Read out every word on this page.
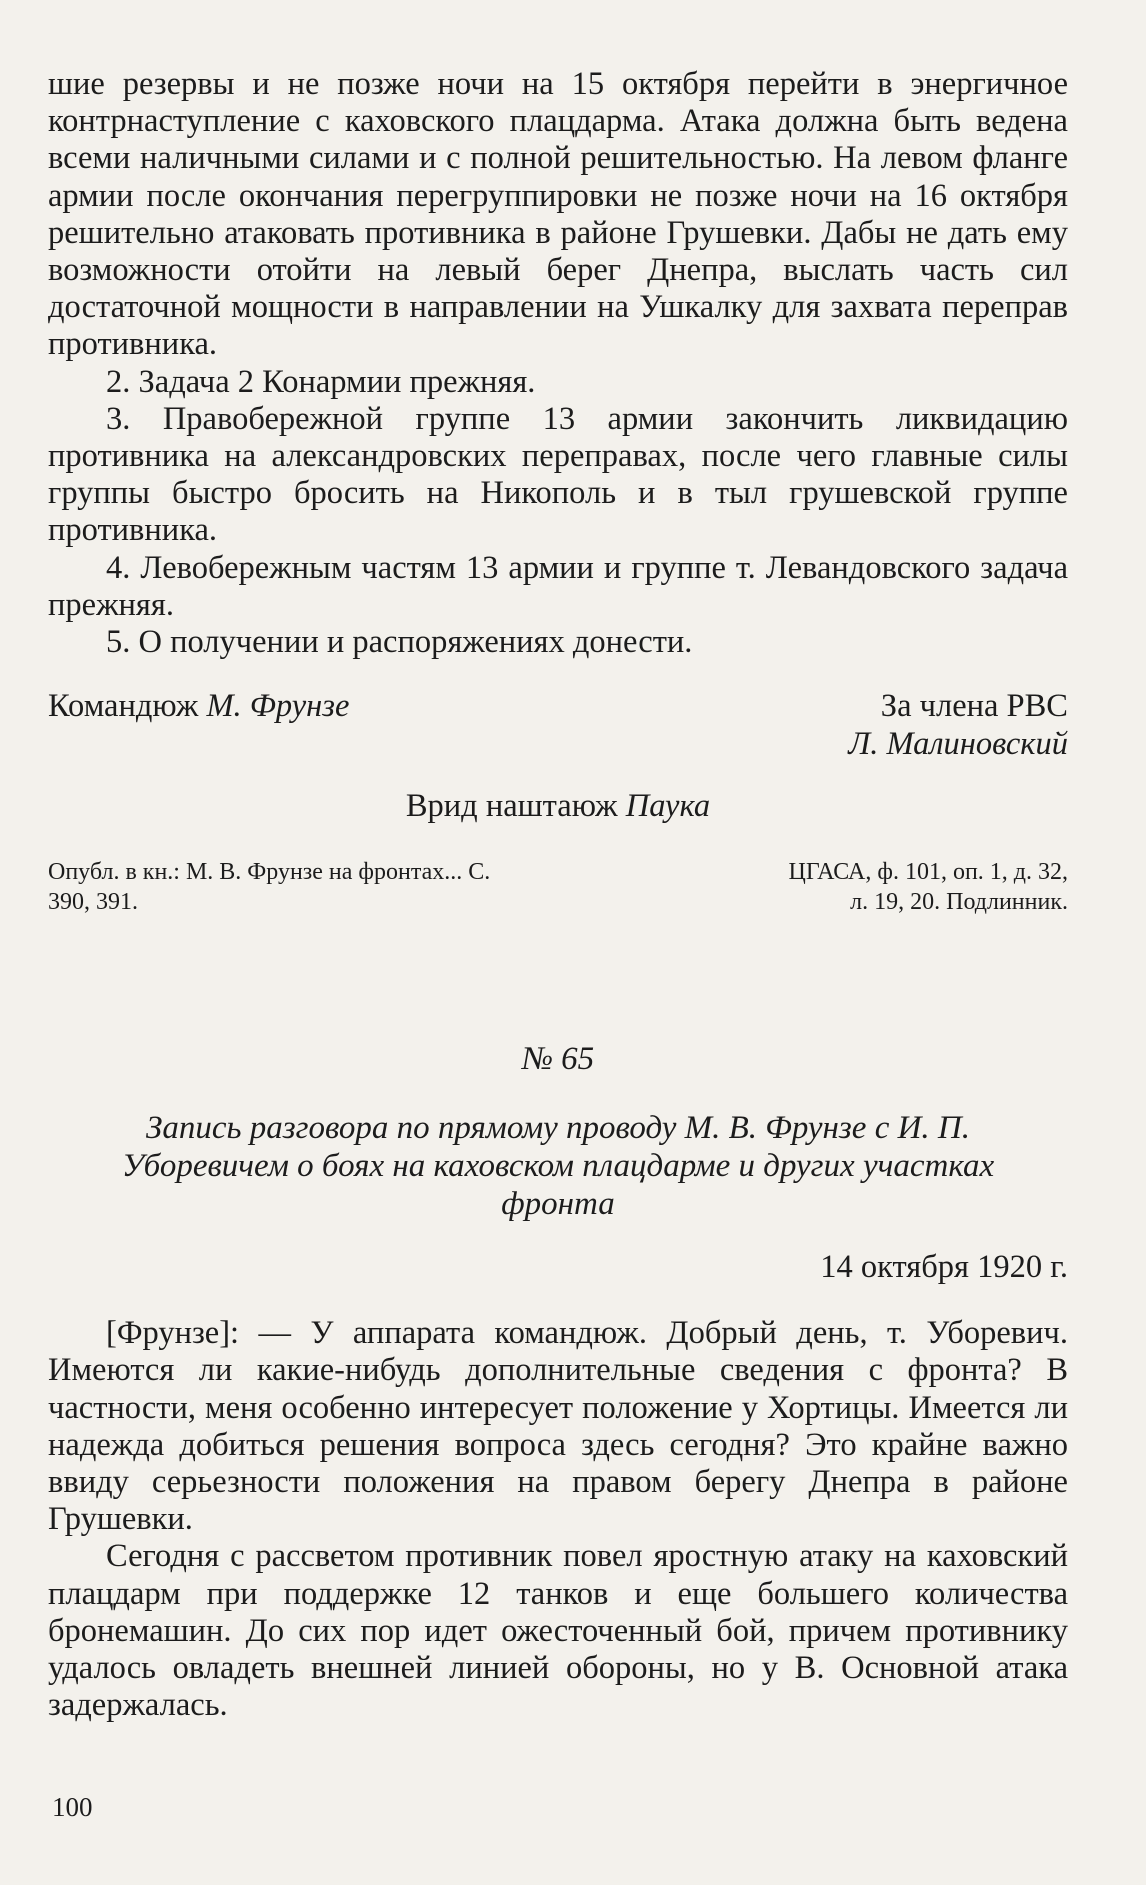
шие резервы и не позже ночи на 15 октября перейти в энергичное контрнаступление с каховского плацдарма. Атака должна быть ведена всеми наличными силами и с полной решительностью. На левом фланге армии после окончания перегруппировки не позже ночи на 16 октября решительно атаковать противника в районе Грушевки. Дабы не дать ему возможности отойти на левый берег Днепра, выслать часть сил достаточной мощности в направлении на Ушкалку для захвата переправ противника.

2. Задача 2 Конармии прежняя.

3. Правобережной группе 13 армии закончить ликвидацию противника на александровских переправах, после чего главные силы группы быстро бросить на Никополь и в тыл грушевской группе противника.

4. Левобережным частям 13 армии и группе т. Левандовского задача прежняя.

5. О получении и распоряжениях донести.

Командюж М. Фрунзе	За члена РВС
Л. Малиновский
Врид наштаюж Паука
Опубл. в кн.: М. В. Фрунзе на фронтах... С. 390, 391.
ЦГАСА, ф. 101, оп. 1, д. 32,
л. 19, 20. Подлинник.
№ 65
Запись разговора по прямому проводу М. В. Фрунзе с И. П. Уборевичем о боях на каховском плацдарме и других участках фронта
14 октября 1920 г.

[Фрунзе]: — У аппарата командюж. Добрый день, т. Уборевич. Имеются ли какие-нибудь дополнительные сведения с фронта? В частности, меня особенно интересует положение у Хортицы. Имеется ли надежда добиться решения вопроса здесь сегодня? Это крайне важно ввиду серьезности положения на правом берегу Днепра в районе Грушевки.

Сегодня с рассветом противник повел яростную атаку на каховский плацдарм при поддержке 12 танков и еще большего количества бронемашин. До сих пор идет ожесточенный бой, причем противнику удалось овладеть внешней линией обороны, но у В. Основной атака задержалась.

100
